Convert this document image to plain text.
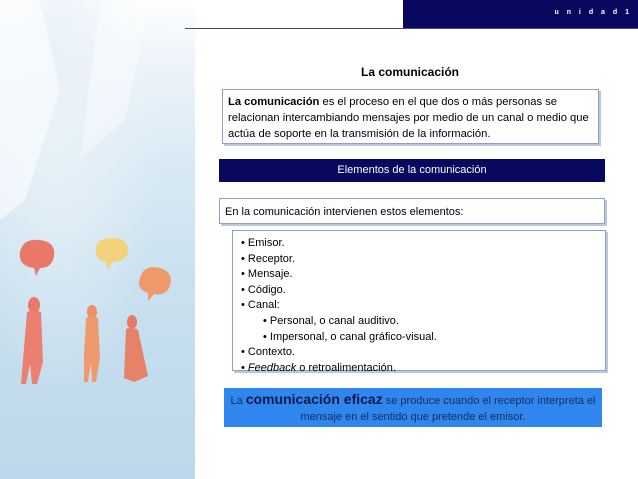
u n i d a d 1
La comunicación
La comunicación es el proceso en el que dos o más personas se relacionan intercambiando mensajes por medio de un canal o medio que actúa de soporte en la transmisión de la información.
Elementos de la comunicación
En la comunicación intervienen estos elementos:
• Emisor.
• Receptor.
• Mensaje.
• Código.
• Canal:
• Personal, o canal auditivo.
• Impersonal, o canal gráfico-visual.
• Contexto.
• Feedback o retroalimentación.
La comunicación eficaz se produce cuando el receptor interpreta el mensaje en el sentido que pretende el emisor.
